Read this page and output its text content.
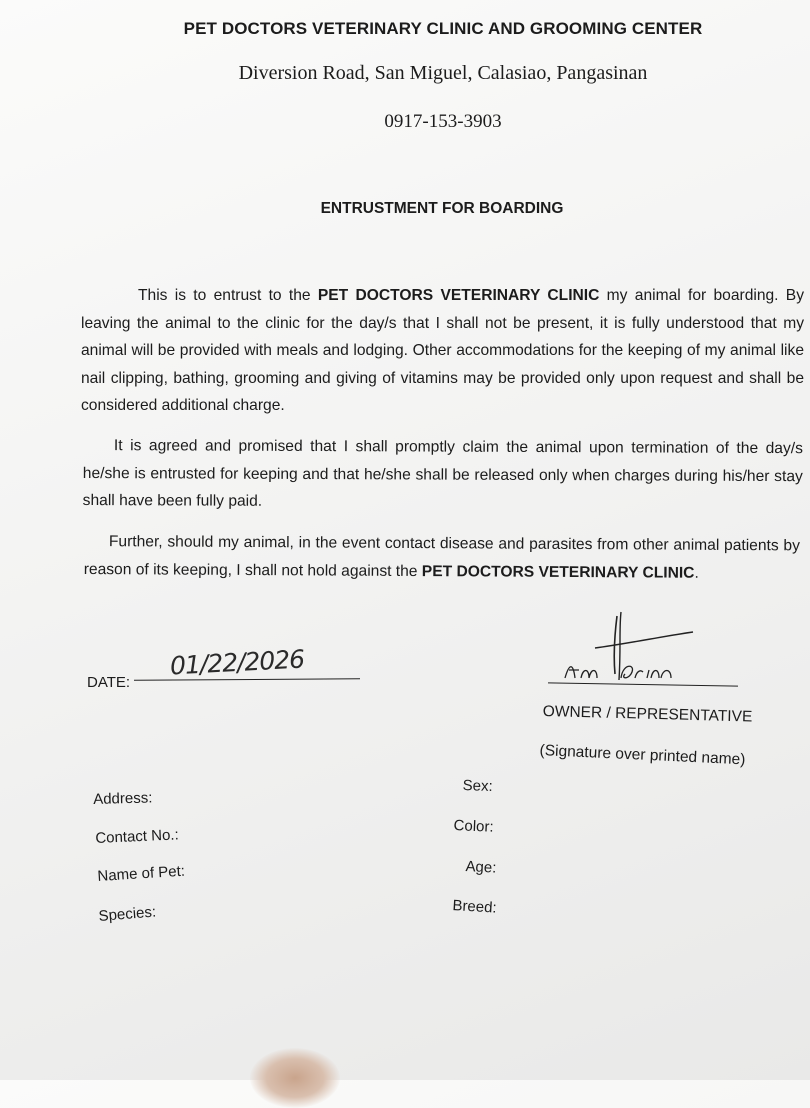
PET DOCTORS VETERINARY CLINIC AND GROOMING CENTER
Diversion Road, San Miguel, Calasiao, Pangasinan
0917-153-3903
ENTRUSTMENT FOR BOARDING
This is to entrust to the PET DOCTORS VETERINARY CLINIC my animal for boarding. By leaving the animal to the clinic for the day/s that I shall not be present, it is fully understood that my animal will be provided with meals and lodging. Other accommodations for the keeping of my animal like nail clipping, bathing, grooming and giving of vitamins may be provided only upon request and shall be considered additional charge.
It is agreed and promised that I shall promptly claim the animal upon termination of the day/s he/she is entrusted for keeping and that he/she shall be released only when charges during his/her stay shall have been fully paid.
Further, should my animal, in the event contact disease and parasites from other animal patients by reason of its keeping, I shall not hold against the PET DOCTORS VETERINARY CLINIC.
DATE:
01/22/2026
OWNER / REPRESENTATIVE
(Signature over printed name)
Address:
Contact No.:
Name of Pet:
Species:
Sex:
Color:
Age:
Breed:
